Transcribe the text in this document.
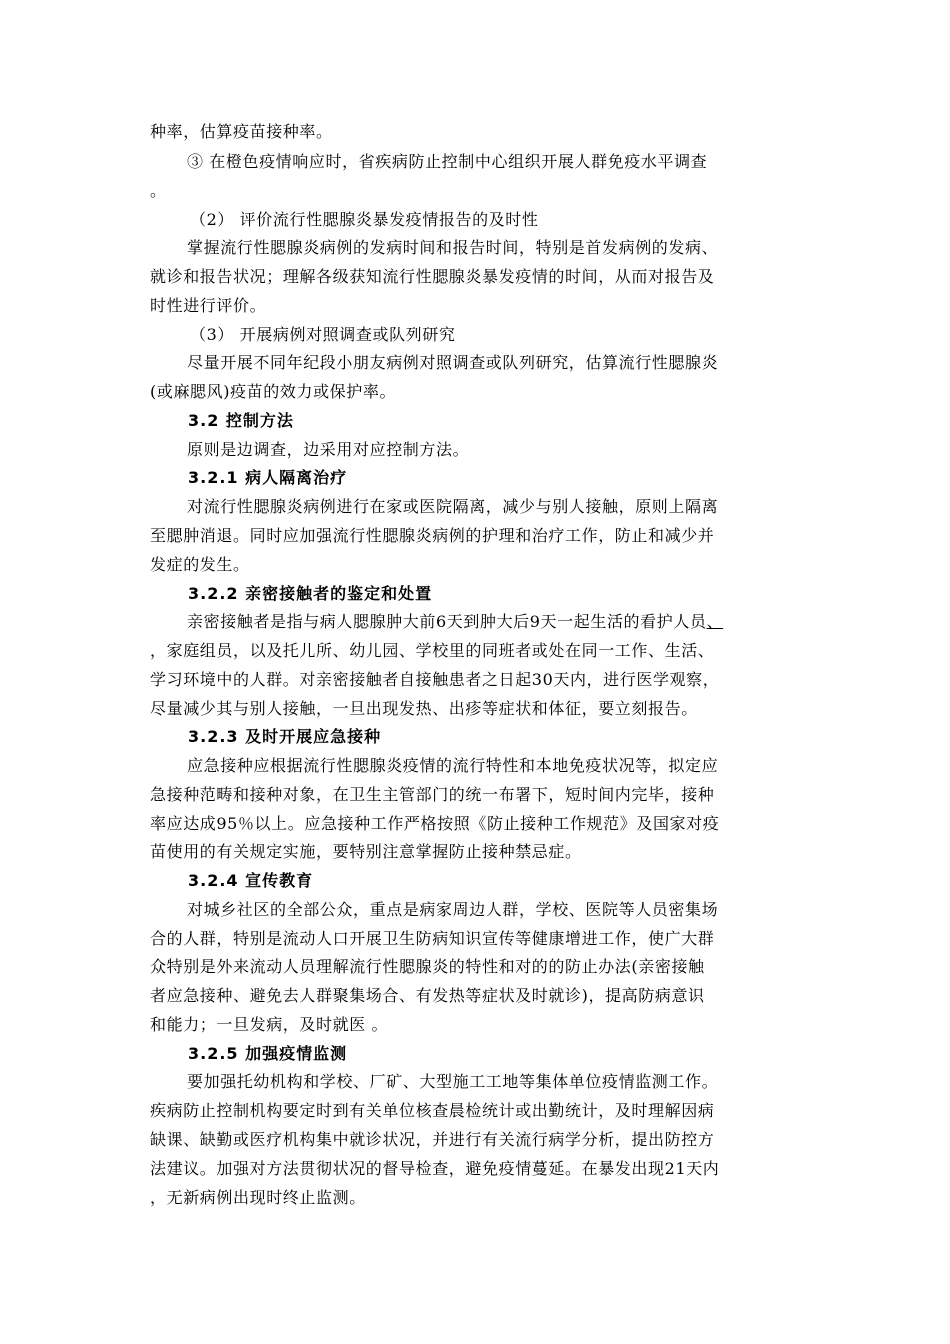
种率，估算疫苗接种率。
③ 在橙色疫情响应时，省疾病防止控制中心组织开展人群免疫水平调查
。
（2） 评价流行性腮腺炎暴发疫情报告的及时性
掌握流行性腮腺炎病例的发病时间和报告时间，特别是首发病例的发病、
就诊和报告状况；理解各级获知流行性腮腺炎暴发疫情的时间，从而对报告及
时性进行评价。
（3） 开展病例对照调查或队列研究
尽量开展不同年纪段小朋友病例对照调查或队列研究，估算流行性腮腺炎
(或麻腮风)疫苗的效力或保护率。
3.2 控制方法
原则是边调查，边采用对应控制方法。
3.2.1 病人隔离治疗
对流行性腮腺炎病例进行在家或医院隔离，减少与别人接触，原则上隔离
至腮肿消退。同时应加强流行性腮腺炎病例的护理和治疗工作，防止和减少并
发症的发生。
3.2.2 亲密接触者的鉴定和处置
亲密接触者是指与病人腮腺肿大前6天到肿大后9天一起生活的看护人员、
，家庭组员，以及托儿所、幼儿园、学校里的同班者或处在同一工作、生活、
学习环境中的人群。对亲密接触者自接触患者之日起30天内，进行医学观察，
尽量减少其与别人接触，一旦出现发热、出疹等症状和体征，要立刻报告。
3.2.3 及时开展应急接种
应急接种应根据流行性腮腺炎疫情的流行特性和本地免疫状况等，拟定应
急接种范畴和接种对象，在卫生主管部门的统一布署下，短时间内完毕，接种
率应达成95％以上。应急接种工作严格按照《防止接种工作规范》及国家对疫
苗使用的有关规定实施，要特别注意掌握防止接种禁忌症。
3.2.4 宣传教育
对城乡社区的全部公众，重点是病家周边人群，学校、医院等人员密集场
合的人群，特别是流动人口开展卫生防病知识宣传等健康增进工作，使广大群
众特别是外来流动人员理解流行性腮腺炎的特性和对的的防止办法(亲密接触
者应急接种、避免去人群聚集场合、有发热等症状及时就诊)，提高防病意识
和能力；一旦发病，及时就医 。
3.2.5 加强疫情监测
要加强托幼机构和学校、厂矿、大型施工工地等集体单位疫情监测工作。
疾病防止控制机构要定时到有关单位核查晨检统计或出勤统计，及时理解因病
缺课、缺勤或医疗机构集中就诊状况，并进行有关流行病学分析，提出防控方
法建议。加强对方法贯彻状况的督导检查，避免疫情蔓延。在暴发出现21天内
，无新病例出现时终止监测。
